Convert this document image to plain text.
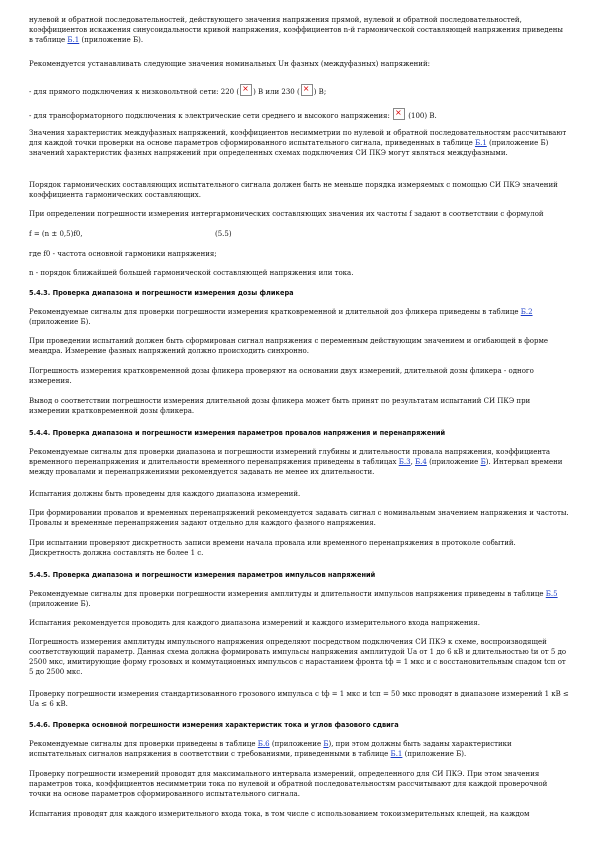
нулевой и обратной последовательностей, действующего значения напряжения прямой, нулевой и обратной последовательностей, коэффициентов искажения синусоидальности кривой напряжения, коэффициентов n-й гармонической составляющей напряжения приведены в таблице Б.1 (приложение Б).

Рекомендуется устанавливать следующие значения номинальных Uн фазных (междуфазных) напряжений:

- для прямого подключения к низковольтной сети: 220 ( × ) В или 230 ( × ) В;

- для трансформаторного подключения к электрические сети среднего и высокого напряжения: × (100) В.

Значения характеристик междуфазных напряжений, коэффициентов несимметрии по нулевой и обратной последовательностям рассчитывают для каждой точки проверки на основе параметров сформированного испытательного сигнала, приведенных в таблице Б.1 (приложение Б) значений характеристик фазных напряжений при определенных схемах подключения СИ ПКЭ могут являться междуфазными.

Порядок гармонических составляющих испытательного сигнала должен быть не меньше порядка измеряемых с помощью СИ ПКЭ значений коэффициента гармонических составляющих.

При определении погрешности измерения интергармонических составляющих значения их частоты f задают в соответствии с формулой

f = (n ± 0,5)f0,	(5.5)

где f0 - частота основной гармоники напряжения;

n - порядок ближайшей большей гармонической составляющей напряжения или тока.

5.4.3. Проверка диапазона и погрешности измерения дозы фликера

Рекомендуемые сигналы для проверки погрешности измерения кратковременной и длительной доз фликера приведены в таблице Б.2 (приложение Б).

При проведении испытаний должен быть сформирован сигнал напряжения с переменным действующим значением и огибающей в форме меандра. Измерение фазных напряжений должно происходить синхронно.

Погрешность измерения кратковременной дозы фликера проверяют на основании двух измерений, длительной дозы фликера - одного измерения.

Вывод о соответствии погрешности измерения длительной дозы фликера может быть принят по результатам испытаний СИ ПКЭ при измерении кратковременной дозы фликера.

5.4.4. Проверка диапазона и погрешности измерения параметров провалов напряжения и перенапряжений

Рекомендуемые сигналы для проверки диапазона и погрешности измерений глубины и длительности провала напряжения, коэффициента временного перенапряжения и длительности временного перенапряжения приведены в таблицах Б.3, Б.4 (приложение Б). Интервал времени между провалами и перенапряжениями рекомендуется задавать не менее их длительности.

Испытания должны быть проведены для каждого диапазона измерений.

При формировании провалов и временных перенапряжений рекомендуется задавать сигнал с номинальным значением напряжения и частоты. Провалы и временные перенапряжения задают отдельно для каждого фазного напряжения.

При испытании проверяют дискретность записи времени начала провала или временного перенапряжения в протоколе событий. Дискретность должна составлять не более 1 с.

5.4.5. Проверка диапазона и погрешности измерения параметров импульсов напряжений

Рекомендуемые сигналы для проверки погрешности измерения амплитуды и длительности импульсов напряжения приведены в таблице Б.5 (приложение Б).

Испытания рекомендуется проводить для каждого диапазона измерений и каждого измерительного входа напряжения.

Погрешность измерения амплитуды импульсного напряжения определяют посредством подключения СИ ПКЭ к схеме, воспроизводящей соответствующий параметр. Данная схема должна формировать импульсы напряжения амплитудой Uа от 1 до 6 кВ и длительностью tи от 5 до 2500 мкс, имитирующие форму грозовых и коммутационных импульсов с нарастанием фронта tф = 1 мкс и с восстановительным спадом tсп от 5 до 2500 мкс.

Проверку погрешности измерения стандартизованного грозового импульса с tф = 1 мкс и tсп = 50 мкс проводят в диапазоне измерений 1 кВ ≤ Uа ≤ 6 кВ.

5.4.6. Проверка основной погрешности измерения характеристик тока и углов фазового сдвига

Рекомендуемые сигналы для проверки приведены в таблице Б.6 (приложение Б), при этом должны быть заданы характеристики испытательных сигналов напряжения в соответствии с требованиями, приведенными в таблице Б.1 (приложение Б).

Проверку погрешности измерений проводят для максимального интервала измерений, определенного для СИ ПКЭ. При этом значения параметров тока, коэффициентов несимметрии тока по нулевой и обратной последовательностям рассчитывают для каждой проверочной точки на основе параметров сформированного испытательного сигнала.

Испытания проводят для каждого измерительного входа тока, в том числе с использованием токоизмерительных клещей, на каждом
